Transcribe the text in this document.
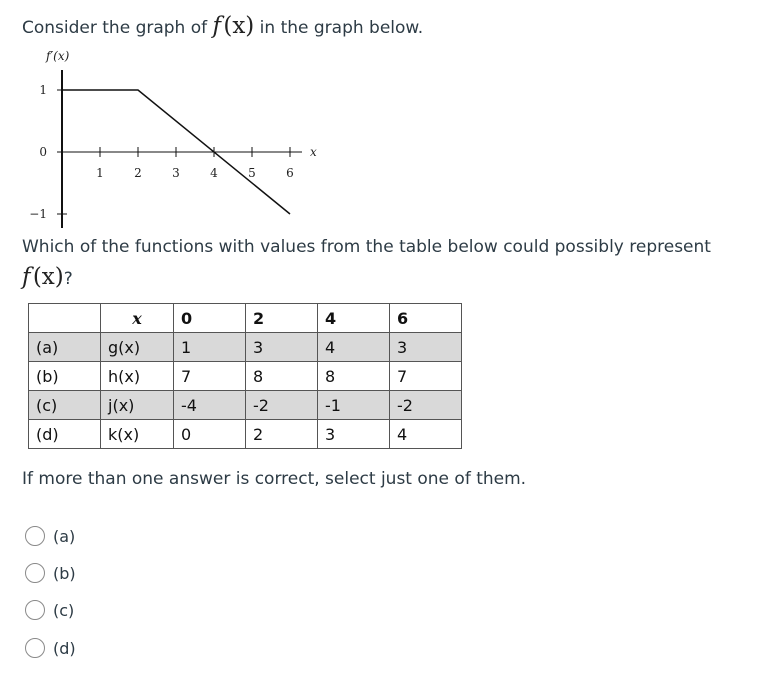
Consider the graph of f (x) in the graph below.
1
0
−1
1	2	3	4	5	6
f′(x)
x
Which of the functions with values from the table below could possibly represent
f (x)?
	x	0	2	4	6
(a)	g(x)	1	3	4	3
(b)	h(x)	7	8	8	7
(c)	j(x)	-4	-2	-1	-2
(d)	k(x)	0	2	3	4
If more than one answer is correct, select just one of them.
(a)
(b)
(c)
(d)
